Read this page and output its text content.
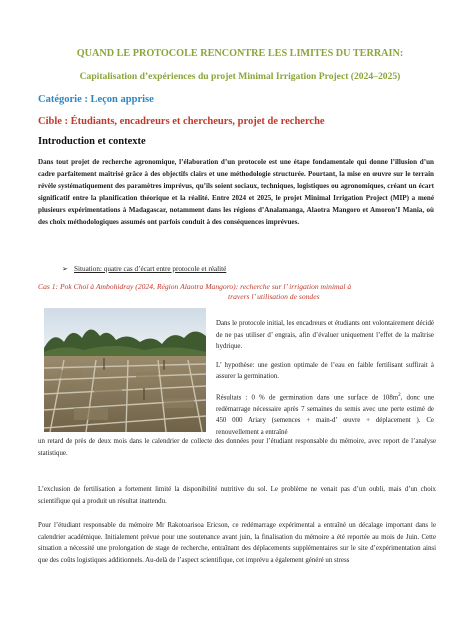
QUAND LE PROTOCOLE RENCONTRE LES LIMITES DU TERRAIN:
Capitalisation d’expériences du projet Minimal Irrigation Project (2024–2025)
Catégorie : Leçon apprise
Cible : Étudiants, encadreurs et chercheurs, projet de recherche
Introduction et contexte
Dans tout projet de recherche agronomique, l’élaboration d’un protocole est une étape fondamentale qui donne l’illusion d’un cadre parfaitement maîtrisé grâce à des objectifs clairs et une méthodologie structurée. Pourtant, la mise en œuvre sur le terrain révèle systématiquement des paramètres imprévus, qu’ils soient sociaux, techniques, logistiques ou agronomiques, créant un écart significatif entre la planification théorique et la réalité. Entre 2024 et 2025, le projet Minimal Irrigation Project (MIP) a mené plusieurs expérimentations à Madagascar, notamment dans les régions d’Analamanga, Alaotra Mangoro et Amoron’I Mania, où des choix méthodologiques assumés ont parfois conduit à des conséquences imprévues.
➢ Situation: quatre cas d’écart entre protocole et réalité
Cas 1: Pok Choï à Ambohidray (2024, Région Alaotra Mangoro): recherche sur l’ irrigation minimal à
travers l’ utilisation de sondes

Dans le protocole initial, les encadreurs et étudiants ont volontairement décidé de ne pas utiliser d’ engrais, afin d’évaluer uniquement l’effet de la maîtrise hydrique.

L’ hypothèse: une gestion optimale de l’eau en faible fertilisant suffirait à assurer la germination.

Résultats : 0 % de germination dans une surface de $108m^2$, donc une redémarrage nécessaire après 7 semaines du semis avec une perte estimé de 450 000 Ariary (semences + main-d’ œuvre + déplacement ). Ce renouvellement a entraîné

un retard de près de deux mois dans le calendrier de collecte des données pour l’étudiant responsable du mémoire, avec report de l’analyse statistique.
L’exclusion de fertilisation a fortement limité la disponibilité nutritive du sol. Le problème ne venait pas d’un oubli, mais d’un choix scientifique qui a produit un résultat inattendu.
Pour l’étudiant responsable du mémoire Mr Rakotoarisoa Ericson, ce redémarrage expérimental a entraîné un décalage important dans le calendrier académique. Initialement prévue pour une soutenance avant juin, la finalisation du mémoire a été reportée au mois de Juin. Cette situation a nécessité une prolongation de stage de recherche, entraînant des déplacements supplémentaires sur le site d’expérimentation ainsi que des coûts logistiques additionnels. Au-delà de l’aspect scientifique, cet imprévu a également généré un stress
